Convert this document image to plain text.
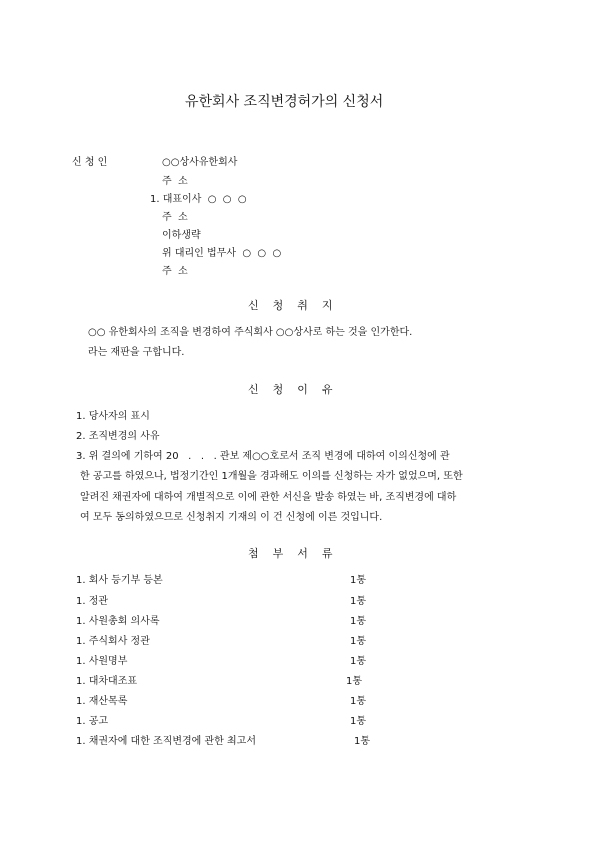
유한회사 조직변경허가의 신청서
신 청 인	○○상사유한회사
주  소
1. 대표이사  ○  ○  ○
주  소
이하생략
위 대리인 법무사  ○  ○  ○
주  소
신    청    취    지
○○ 유한회사의 조직을 변경하여 주식회사 ○○상사로 하는 것을 인가한다.
라는 재판을 구합니다.
신    청    이    유
1. 당사자의 표시
2. 조직변경의 사유
3. 위 결의에 기하여 20   .   .   . 관보 제○○호로서 조직 변경에 대하여 이의신청에 관
한 공고를 하였으나, 법정기간인 1개월을 경과해도 이의를 신청하는 자가 없었으며, 또한
알려진 채권자에 대하여 개별적으로 이에 관한 서신을 발송 하였는 바, 조직변경에 대하
여 모두 동의하였으므로 신청취지 기재의 이 건 신청에 이른 것입니다.
첨    부    서    류
1. 회사 등기부 등본	1통
1. 정관	1통
1. 사원총회 의사록	1통
1. 주식회사 정관	1통
1. 사원명부	1통
1. 대차대조표	1통
1. 재산목록	1통
1. 공고	1통
1. 채권자에 대한 조직변경에 관한 최고서	1통
